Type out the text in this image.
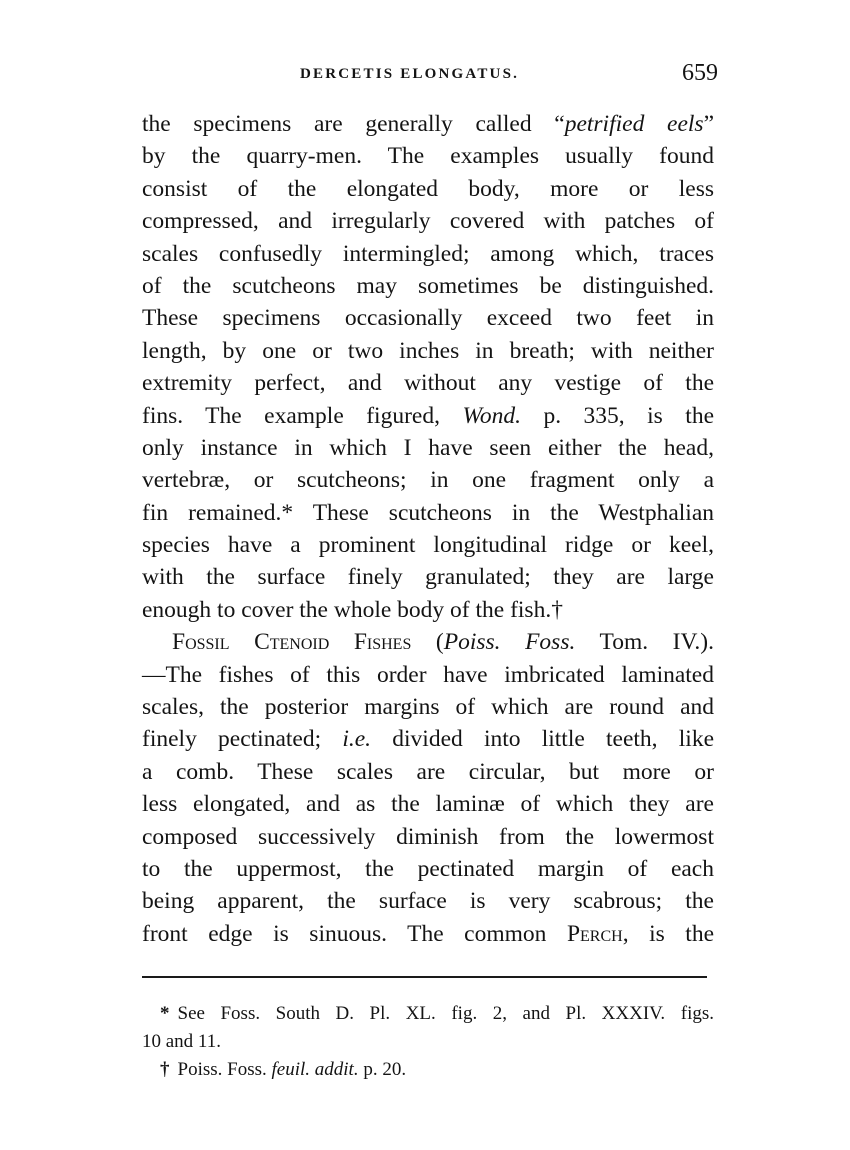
DERCETIS ELONGATUS.	659
the specimens are generally called “petrified eels”
by the quarry-men. The examples usually found
consist of the elongated body, more or less
compressed, and irregularly covered with patches of
scales confusedly intermingled; among which, traces
of the scutcheons may sometimes be distinguished.
These specimens occasionally exceed two feet in
length, by one or two inches in breath; with neither
extremity perfect, and without any vestige of the
fins. The example figured, Wond. p. 335, is the
only instance in which I have seen either the head,
vertebræ, or scutcheons; in one fragment only a
fin remained.* These scutcheons in the Westphalian
species have a prominent longitudinal ridge or keel,
with the surface finely granulated; they are large
enough to cover the whole body of the fish.†
Fossil Ctenoid Fishes (Poiss. Foss. Tom. IV.).
—The fishes of this order have imbricated laminated
scales, the posterior margins of which are round and
finely pectinated; i.e. divided into little teeth, like
a comb. These scales are circular, but more or
less elongated, and as the laminæ of which they are
composed successively diminish from the lowermost
to the uppermost, the pectinated margin of each
being apparent, the surface is very scabrous; the
front edge is sinuous. The common Perch, is the
* See Foss. South D. Pl. XL. fig. 2, and Pl. XXXIV. figs.
10 and 11.
† Poiss. Foss. feuil. addit. p. 20.
